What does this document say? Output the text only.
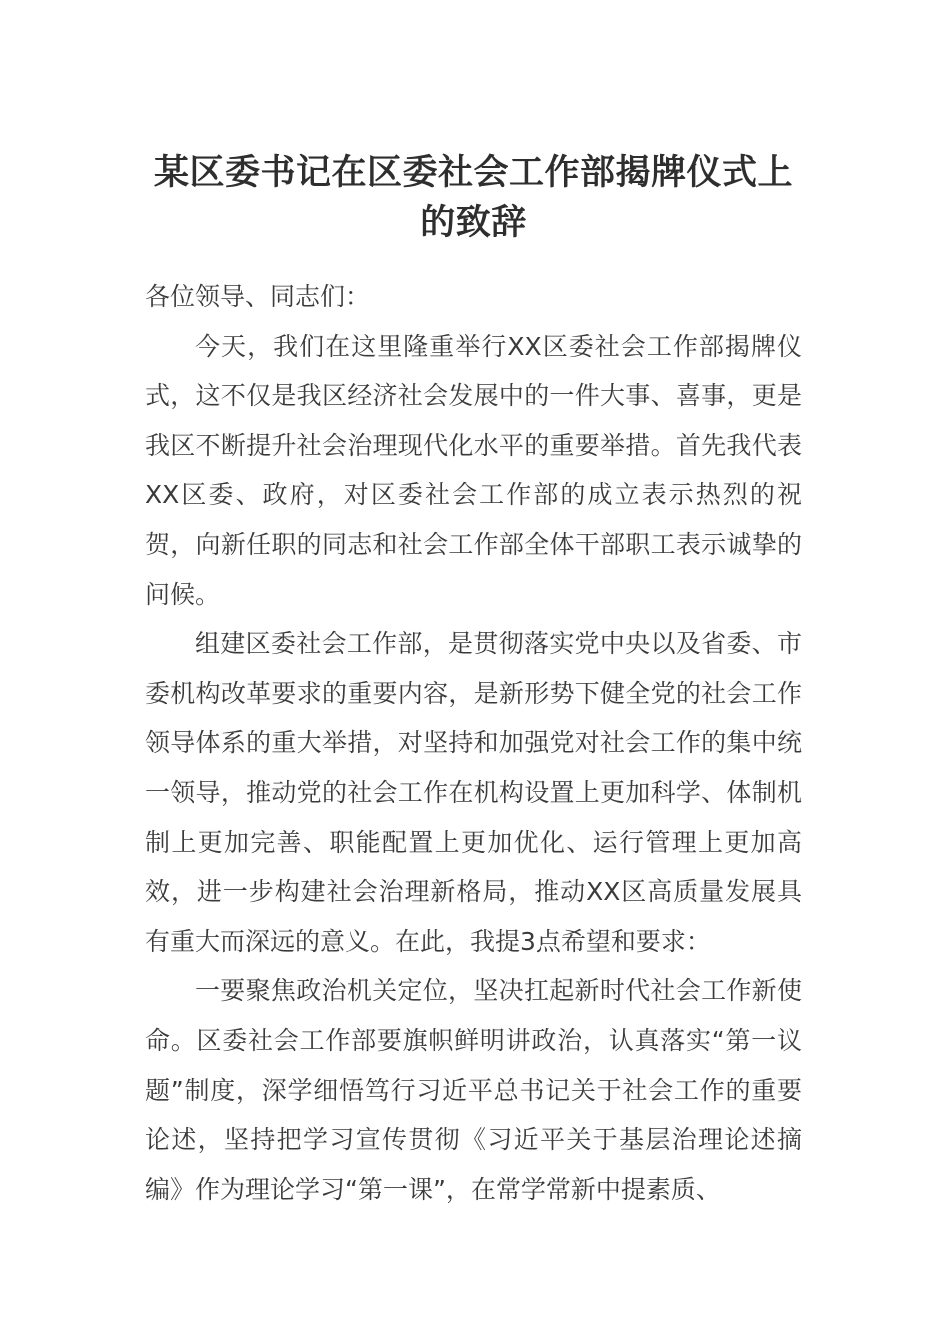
某区委书记在区委社会工作部揭牌仪式上
的致辞

各位领导、同志们：

今天，我们在这里隆重举行XX区委社会工作部揭牌仪式，这不仅是我区经济社会发展中的一件大事、喜事，更是我区不断提升社会治理现代化水平的重要举措。首先我代表XX区委、政府，对区委社会工作部的成立表示热烈的祝贺，向新任职的同志和社会工作部全体干部职工表示诚挚的问候。

组建区委社会工作部，是贯彻落实党中央以及省委、市委机构改革要求的重要内容，是新形势下健全党的社会工作领导体系的重大举措，对坚持和加强党对社会工作的集中统一领导，推动党的社会工作在机构设置上更加科学、体制机制上更加完善、职能配置上更加优化、运行管理上更加高效，进一步构建社会治理新格局，推动XX区高质量发展具有重大而深远的意义。在此，我提3点希望和要求：

一要聚焦政治机关定位，坚决扛起新时代社会工作新使命。区委社会工作部要旗帜鲜明讲政治，认真落实“第一议题”制度，深学细悟笃行习近平总书记关于社会工作的重要论述，坚持把学习宣传贯彻《习近平关于基层治理论述摘编》作为理论学习“第一课”，在常学常新中提素质、
